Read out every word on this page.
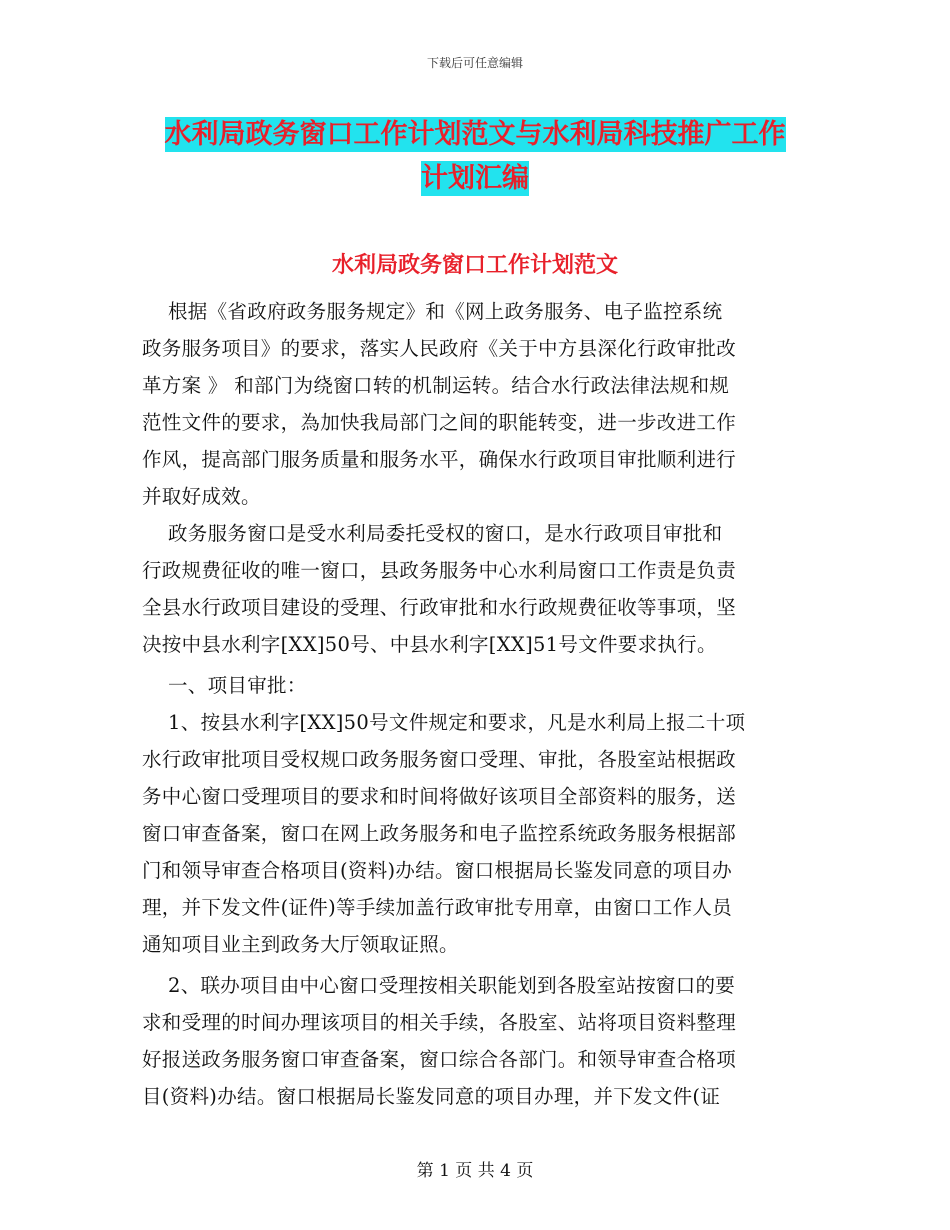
下载后可任意编辑
水利局政务窗口工作计划范文与水利局科技推广工作
计划汇编
水利局政务窗口工作计划范文
根据《省政府政务服务规定》和《网上政务服务、电子监控系统
政务服务项目》的要求，落实人民政府《关于中方县深化行政审批改
革方案 》 和部门为绕窗口转的机制运转。结合水行政法律法规和规
范性文件的要求，為加快我局部门之间的职能转变，进一步改进工作
作风，提高部门服务质量和服务水平，确保水行政项目审批顺利进行
并取好成效。
政务服务窗口是受水利局委托受权的窗口，是水行政项目审批和
行政规费征收的唯一窗口，县政务服务中心水利局窗口工作责是负责
全县水行政项目建设的受理、行政审批和水行政规费征收等事项，坚
决按中县水利字[XX]50号、中县水利字[XX]51号文件要求执行。
一、项目审批：
1、按县水利字[XX]50号文件规定和要求，凡是水利局上报二十项
水行政审批项目受权规口政务服务窗口受理、审批，各股室站根据政
务中心窗口受理项目的要求和时间将做好该项目全部资料的服务，送
窗口审查备案，窗口在网上政务服务和电子监控系统政务服务根据部
门和领导审查合格项目(资料)办结。窗口根据局长鉴发同意的项目办
理，并下发文件(证件)等手续加盖行政审批专用章，由窗口工作人员
通知项目业主到政务大厅领取证照。
2、联办项目由中心窗口受理按相关职能划到各股室站按窗口的要
求和受理的时间办理该项目的相关手续，各股室、站将项目资料整理
好报送政务服务窗口审查备案，窗口综合各部门。和领导审查合格项
目(资料)办结。窗口根据局长鉴发同意的项目办理，并下发文件(证
第 1 页 共 4 页
